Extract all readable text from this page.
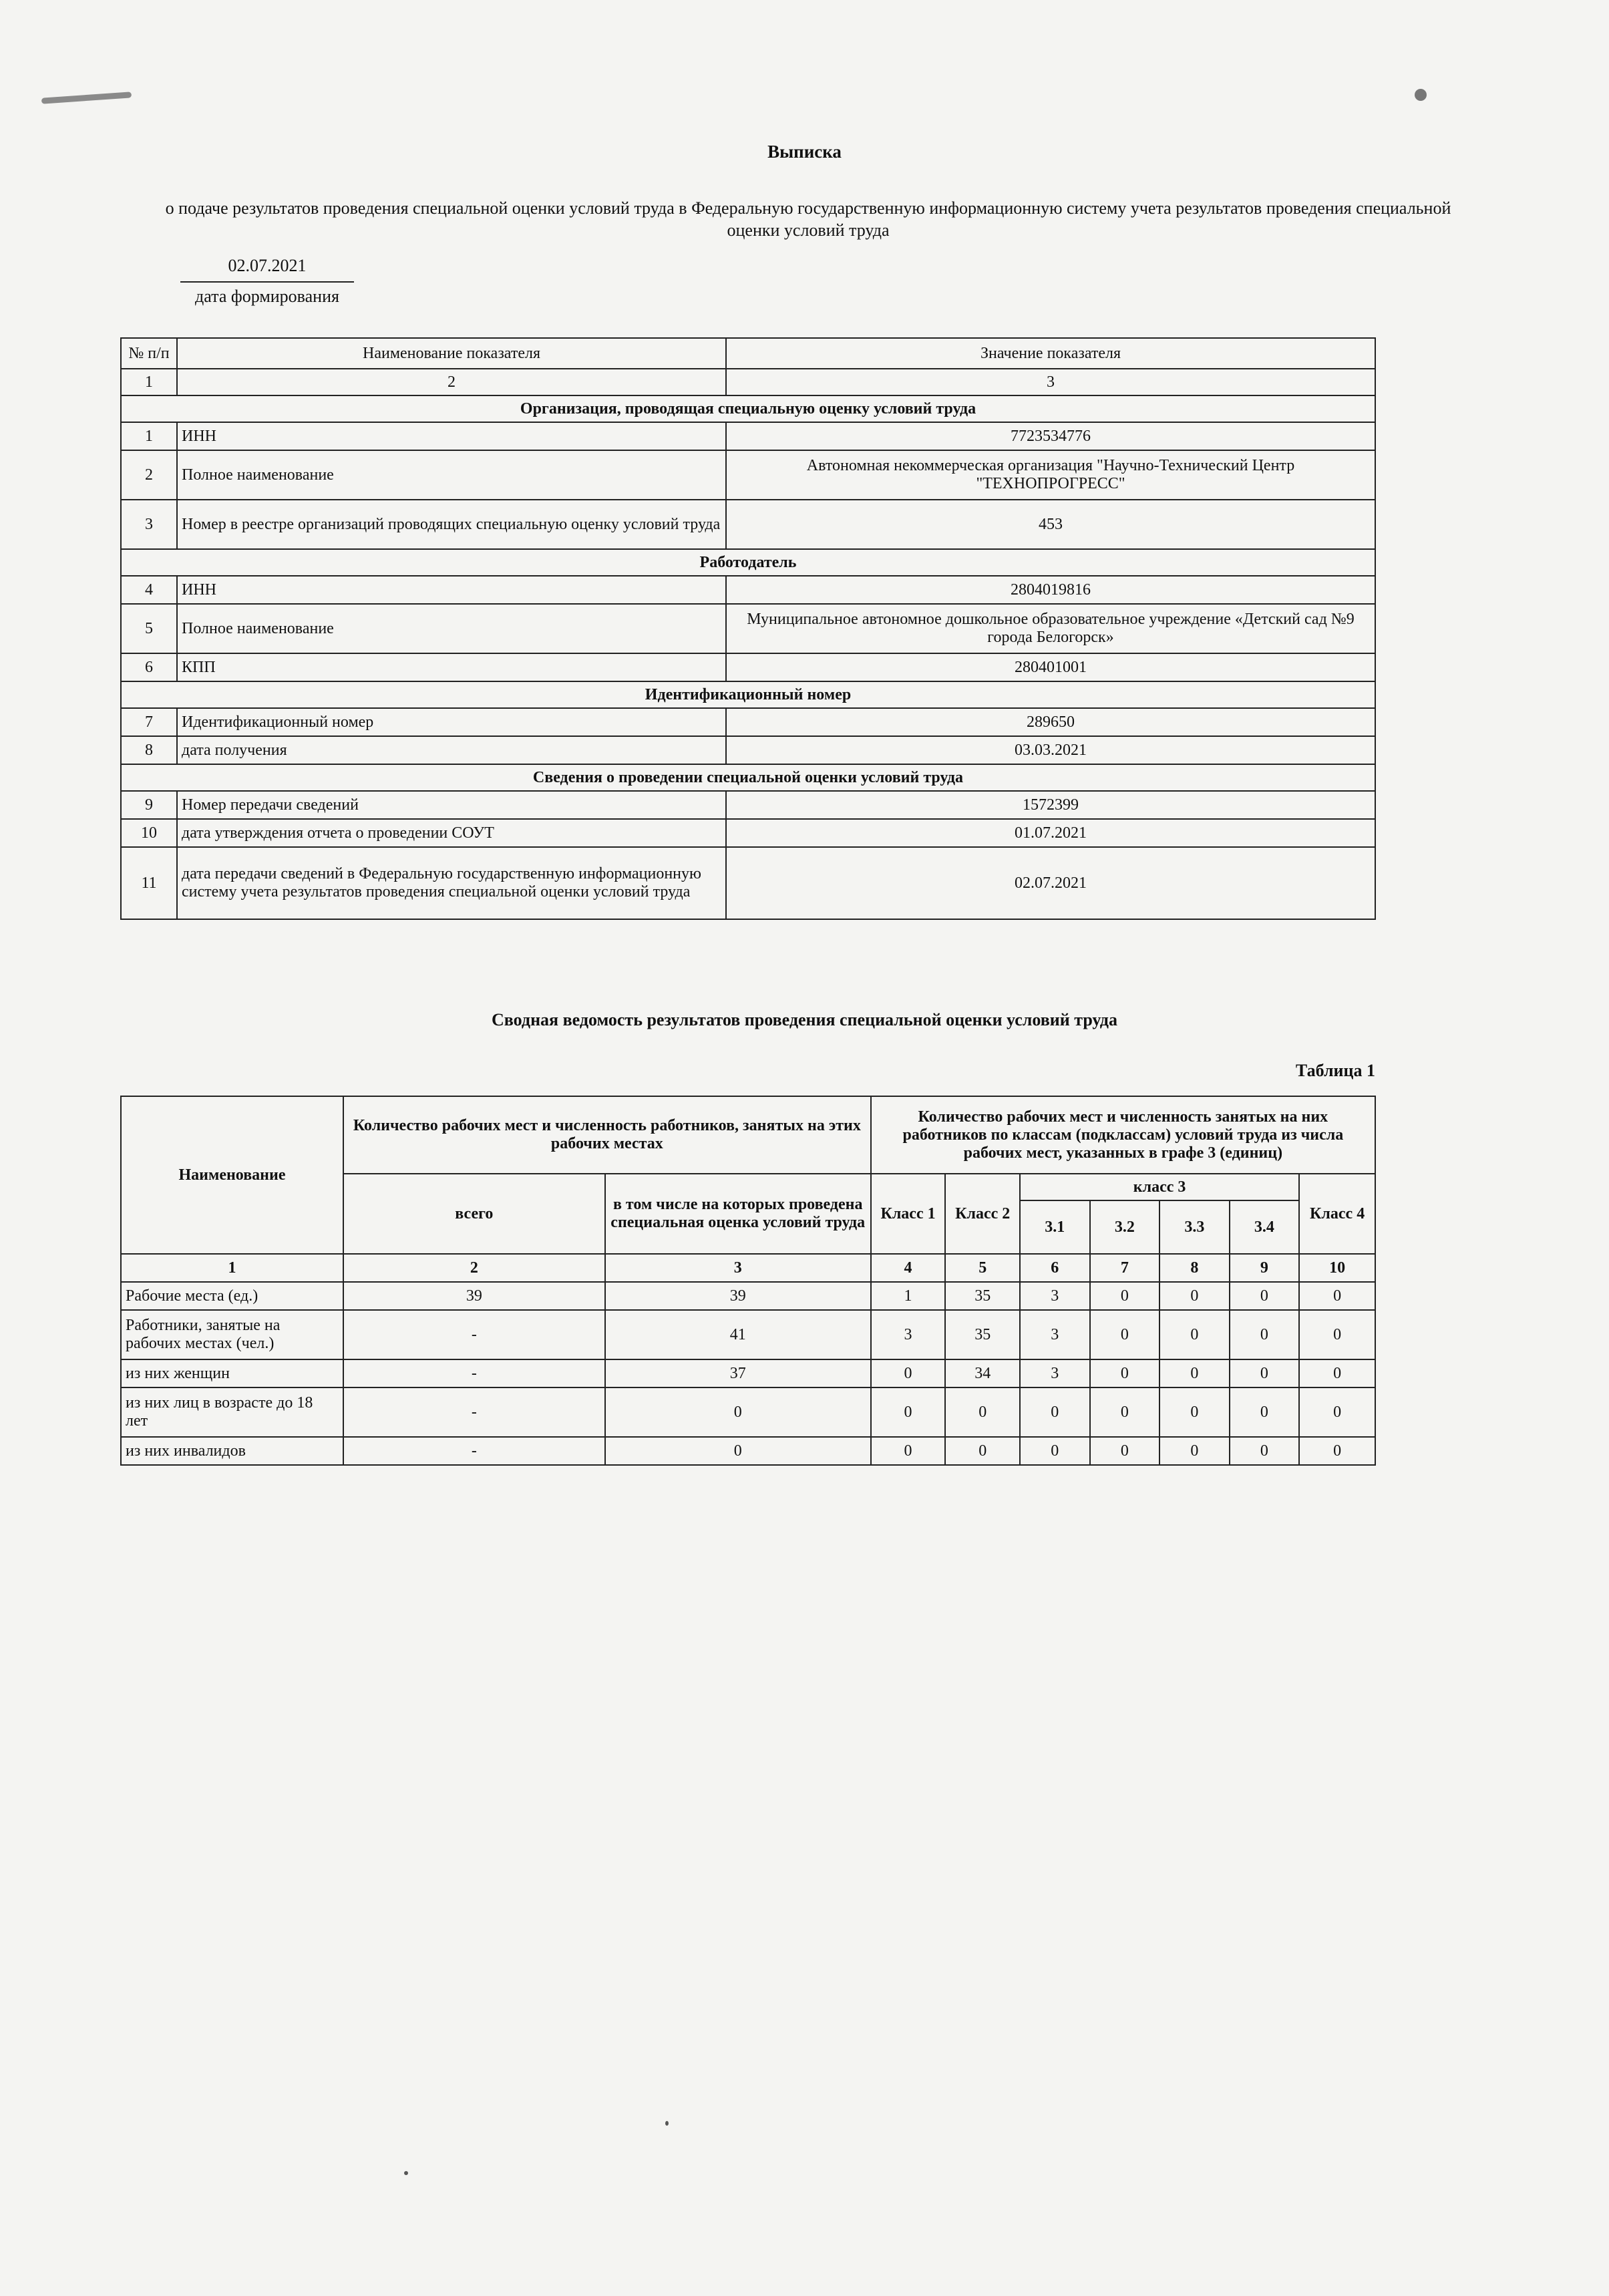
Выписка
о подаче результатов проведения специальной оценки условий труда в Федеральную государственную информационную систему учета результатов проведения специальной оценки условий труда
02.07.2021
дата формирования
№ п/п	Наименование показателя	Значение показателя
1	2	3
Организация, проводящая специальную оценку условий труда		
1	ИНН	7723534776
2	Полное наименование	Автономная некоммерческая организация "Научно-Технический Центр "ТЕХНОПРОГРЕСС"
3	Номер в реестре организаций проводящих специальную оценку условий труда	453
Работодатель		
4	ИНН	2804019816
5	Полное наименование	Муниципальное автономное дошкольное образовательное учреждение «Детский сад №9 города Белогорск»
6	КПП	280401001
Идентификационный номер		
7	Идентификационный номер	289650
8	дата получения	03.03.2021
Сведения о проведении специальной оценки условий труда		
9	Номер передачи сведений	1572399
10	дата утверждения отчета о проведении СОУТ	01.07.2021
11	дата передачи сведений в Федеральную государственную информационную систему учета результатов проведения специальной оценки условий труда	02.07.2021
Сводная ведомость результатов проведения специальной оценки условий труда
Таблица 1
Наименование	Количество рабочих мест и численность работников, занятых на этих рабочих местах		Количество рабочих мест и численность занятых на них работников по классам (подклассам) условий труда из числа рабочих мест, указанных в графе 3 (единиц)						
	всего	в том числе на которых проведена специальная оценка условий труда	Класс 1	Класс 2	класс 3				Класс 4
					3.1	3.2	3.3	3.4	
1	2	3	4	5	6	7	8	9	10
Рабочие места (ед.)	39	39	1	35	3	0	0	0	0
Работники, занятые на рабочих местах (чел.)	-	41	3	35	3	0	0	0	0
из них женщин	-	37	0	34	3	0	0	0	0
из них лиц в возрасте до 18 лет	-	0	0	0	0	0	0	0	0
из них инвалидов	-	0	0	0	0	0	0	0	0
